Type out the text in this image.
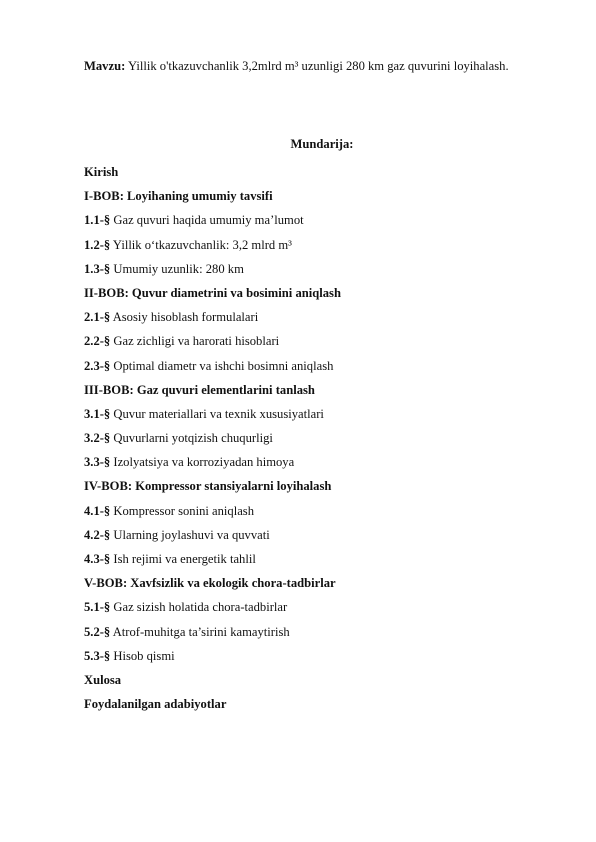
Mavzu: Yillik o'tkazuvchanlik 3,2mlrd m³ uzunligi 280 km gaz quvurini loyihalash.
Mundarija:
Kirish
I-BOB: Loyihaning umumiy tavsifi
1.1-§ Gaz quvuri haqida umumiy ma’lumot
1.2-§ Yillik o‘tkazuvchanlik: 3,2 mlrd m³
1.3-§ Umumiy uzunlik: 280 km
II-BOB: Quvur diametrini va bosimini aniqlash
2.1-§ Asosiy hisoblash formulalari
2.2-§ Gaz zichligi va harorati hisoblari
2.3-§ Optimal diametr va ishchi bosimni aniqlash
III-BOB: Gaz quvuri elementlarini tanlash
3.1-§ Quvur materiallari va texnik xususiyatlari
3.2-§ Quvurlarni yotqizish chuqurligi
3.3-§ Izolyatsiya va korroziyadan himoya
IV-BOB: Kompressor stansiyalarni loyihalash
4.1-§ Kompressor sonini aniqlash
4.2-§ Ularning joylashuvi va quvvati
4.3-§ Ish rejimi va energetik tahlil
V-BOB: Xavfsizlik va ekologik chora-tadbirlar
5.1-§ Gaz sizish holatida chora-tadbirlar
5.2-§ Atrof-muhitga ta’sirini kamaytirish
5.3-§ Hisob qismi
Xulosa
Foydalanilgan adabiyotlar
